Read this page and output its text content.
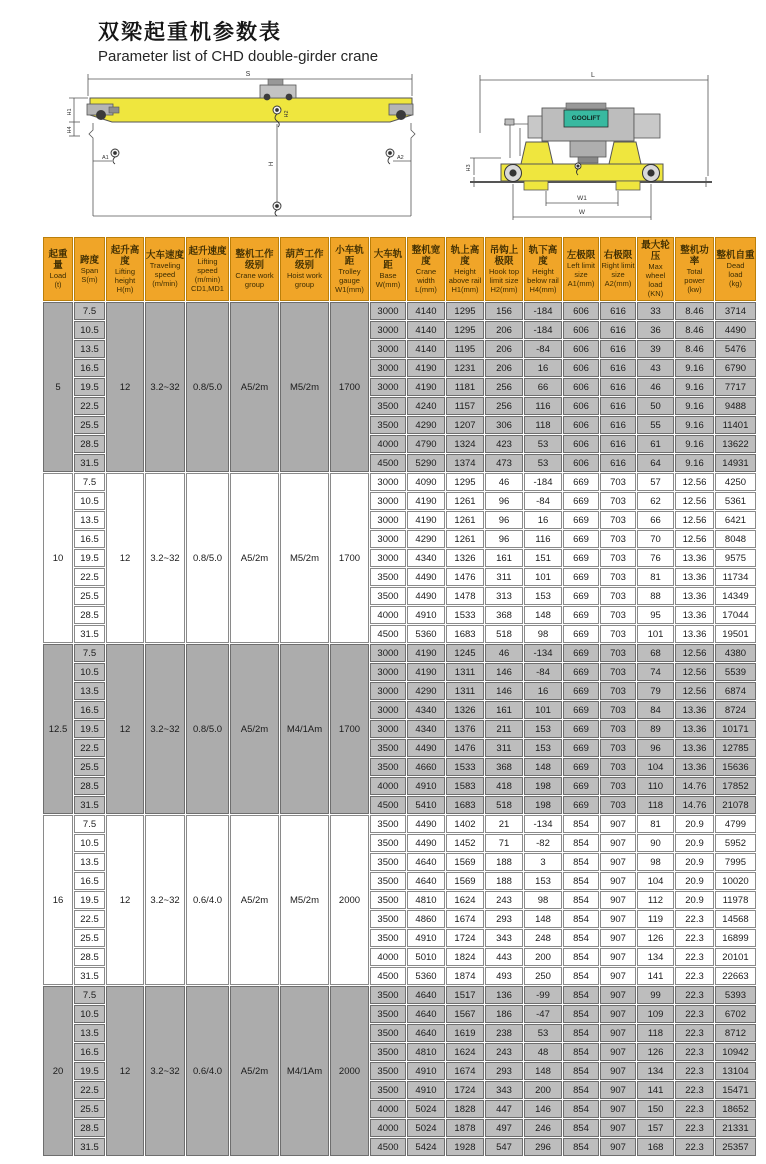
双梁起重机参数表
Parameter list of CHD double-girder crane
S
H1
H4
H2
H
A1	A2
GOOLIFT
L
H3
W1
W
起重量
Load
(t)

跨度
Span
S(m)

起升高度
Lifting
height
H(m)

大车速度
Traveling
speed
(m/min)

起升速度
Lifting
speed
(m/min)
CD1,MD1

整机工作级别
Crane work
group

葫芦工作级别
Hoist work
group

小车轨距
Trolley
gauge
W1(mm)

大车轨距
Base
W(mm)

整机宽度
Crane
width
L(mm)

轨上高度
Height
above rail
H1(mm)

吊钩上极限
Hook top
limit size
H2(mm)

轨下高度
Height
below rail
H4(mm)

左极限
Left limit
size
A1(mm)

右极限
Right limit
size
A2(mm)

最大轮压
Max wheel
load
(KN)

整机功率
Total
power
(kw)

整机自重
Dead
load
(kg)

5	7.5	12	3.2~32	0.8/5.0	A5/2m	M5/2m	1700	3000	4140	1295	156	-184	606	616	33	8.46	3714
	10.5							3000	4140	1295	206	-184	606	616	36	8.46	4490
	13.5							3000	4140	1195	206	-84	606	616	39	8.46	5476
	16.5							3000	4190	1231	206	16	606	616	43	9.16	6790
	19.5							3000	4190	1181	256	66	606	616	46	9.16	7717
	22.5							3500	4240	1157	256	116	606	616	50	9.16	9488
	25.5							3500	4290	1207	306	118	606	616	55	9.16	11401
	28.5							4000	4790	1324	423	53	606	616	61	9.16	13622
	31.5							4500	5290	1374	473	53	606	616	64	9.16	14931
10	7.5	12	3.2~32	0.8/5.0	A5/2m	M5/2m	1700	3000	4090	1295	46	-184	669	703	57	12.56	4250
	10.5							3000	4190	1261	96	-84	669	703	62	12.56	5361
	13.5							3000	4190	1261	96	16	669	703	66	12.56	6421
	16.5							3000	4290	1261	96	116	669	703	70	12.56	8048
	19.5							3000	4340	1326	161	151	669	703	76	13.36	9575
	22.5							3500	4490	1476	311	101	669	703	81	13.36	11734
	25.5							3500	4490	1478	313	153	669	703	88	13.36	14349
	28.5							4000	4910	1533	368	148	669	703	95	13.36	17044
	31.5							4500	5360	1683	518	98	669	703	101	13.36	19501
12.5	7.5	12	3.2~32	0.8/5.0	A5/2m	M4/1Am	1700	3000	4190	1245	46	-134	669	703	68	12.56	4380
	10.5							3000	4190	1311	146	-84	669	703	74	12.56	5539
	13.5							3000	4290	1311	146	16	669	703	79	12.56	6874
	16.5							3000	4340	1326	161	101	669	703	84	13.36	8724
	19.5							3000	4340	1376	211	153	669	703	89	13.36	10171
	22.5							3500	4490	1476	311	153	669	703	96	13.36	12785
	25.5							3500	4660	1533	368	148	669	703	104	13.36	15636
	28.5							4000	4910	1583	418	198	669	703	110	14.76	17852
	31.5							4500	5410	1683	518	198	669	703	118	14.76	21078
16	7.5	12	3.2~32	0.6/4.0	A5/2m	M5/2m	2000	3500	4490	1402	21	-134	854	907	81	20.9	4799
	10.5							3500	4490	1452	71	-82	854	907	90	20.9	5952
	13.5							3500	4640	1569	188	3	854	907	98	20.9	7995
	16.5							3500	4640	1569	188	153	854	907	104	20.9	10020
	19.5							3500	4810	1624	243	98	854	907	112	20.9	11978
	22.5							3500	4860	1674	293	148	854	907	119	22.3	14568
	25.5							3500	4910	1724	343	248	854	907	126	22.3	16899
	28.5							4000	5010	1824	443	200	854	907	134	22.3	20101
	31.5							4500	5360	1874	493	250	854	907	141	22.3	22663
20	7.5	12	3.2~32	0.6/4.0	A5/2m	M4/1Am	2000	3500	4640	1517	136	-99	854	907	99	22.3	5393
	10.5							3500	4640	1567	186	-47	854	907	109	22.3	6702
	13.5							3500	4640	1619	238	53	854	907	118	22.3	8712
	16.5							3500	4810	1624	243	48	854	907	126	22.3	10942
	19.5							3500	4910	1674	293	148	854	907	134	22.3	13104
	22.5							3500	4910	1724	343	200	854	907	141	22.3	15471
	25.5							4000	5024	1828	447	146	854	907	150	22.3	18652
	28.5							4000	5024	1878	497	246	854	907	157	22.3	21331
	31.5							4500	5424	1928	547	296	854	907	168	22.3	25357
